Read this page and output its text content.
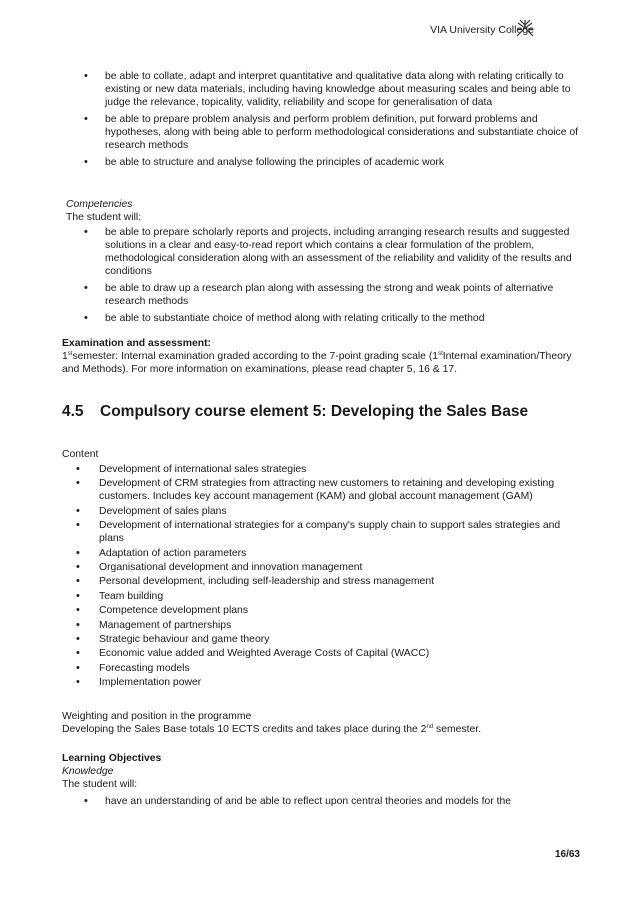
VIA University College
• be able to collate, adapt and interpret quantitative and qualitative data along with relating critically to existing or new data materials, including having knowledge about measuring scales and being able to judge the relevance, topicality, validity, reliability and scope for generalisation of data
• be able to prepare problem analysis and perform problem definition, put forward problems and hypotheses, along with being able to perform methodological considerations and substantiate choice of research methods
• be able to structure and analyse following the principles of academic work
Competencies
The student will:
• be able to prepare scholarly reports and projects, including arranging research results and suggested solutions in a clear and easy-to-read report which contains a clear formulation of the problem, methodological consideration along with an assessment of the reliability and validity of the results and conditions
• be able to draw up a research plan along with assessing the strong and weak points of alternative research methods
• be able to substantiate choice of method along with relating critically to the method
Examination and assessment:
1stsemester: Internal examination graded according to the 7-point grading scale (1stInternal examination/Theory and Methods). For more information on examinations, please read chapter 5, 16 & 17.
4.5 Compulsory course element 5: Developing the Sales Base
Content
• Development of international sales strategies
• Development of CRM strategies from attracting new customers to retaining and developing existing customers. Includes key account management (KAM) and global account management (GAM)
• Development of sales plans
• Development of international strategies for a company's supply chain to support sales strategies and plans
• Adaptation of action parameters
• Organisational development and innovation management
• Personal development, including self-leadership and stress management
• Team building
• Competence development plans
• Management of partnerships
• Strategic behaviour and game theory
• Economic value added and Weighted Average Costs of Capital (WACC)
• Forecasting models
• Implementation power
Weighting and position in the programme
Developing the Sales Base totals 10 ECTS credits and takes place during the 2nd semester.
Learning Objectives
Knowledge
The student will:
• have an understanding of and be able to reflect upon central theories and models for the
16/63
